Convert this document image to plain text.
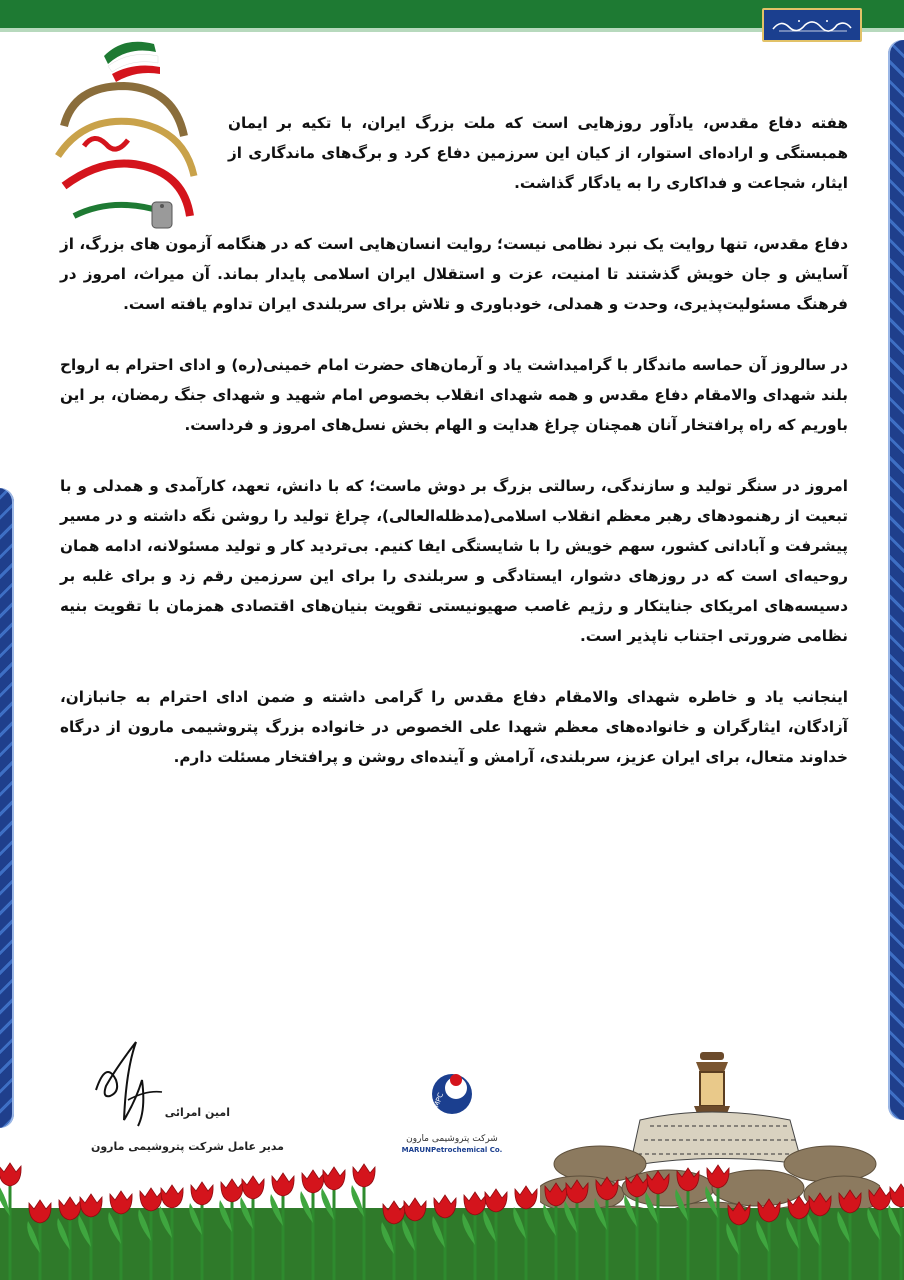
هفته دفاع مقدس، یادآور روزهایی است که ملت بزرگ ایران، با تکیه بر ایمان همبستگی و اراده‌ای استوار، از کیان این سرزمین دفاع کرد و برگ‌های ماندگاری از ایثار، شجاعت و فداکاری را به یادگار گذاشت.

دفاع مقدس، تنها روایت یک نبرد نظامی نیست؛ روایت انسان‌هایی است که در هنگامه آزمون های بزرگ، از آسایش و جان خویش گذشتند تا امنیت، عزت و استقلال ایران اسلامی پایدار بماند. آن میراث، امروز در فرهنگ مسئولیت‌پذیری، وحدت و همدلی، خودباوری و تلاش برای سربلندی ایران تداوم یافته است.

در سالروز آن حماسه ماندگار با گرامیداشت یاد و آرمان‌های حضرت امام خمینی(ره) و ادای احترام به ارواح بلند شهدای والامقام دفاع مقدس و همه شهدای انقلاب بخصوص امام شهید و شهدای جنگ رمضان، بر این باوریم که راه پرافتخار آنان همچنان چراغ هدایت و الهام بخش نسل‌های امروز و فرداست.

امروز در سنگر تولید و سازندگی، رسالتی بزرگ بر دوش ماست؛ که با دانش، تعهد، کارآمدی و همدلی و با تبعیت از رهنمودهای رهبر معظم انقلاب اسلامی(مدظله‌العالی)، چراغ تولید را روشن نگه داشته و در مسیر پیشرفت و آبادانی کشور، سهم خویش را با شایستگی ایفا کنیم. بی‌تردید کار و تولید مسئولانه، ادامه همان روحیه‌ای است که در روزهای دشوار، ایستادگی و سربلندی را برای این سرزمین رقم زد و برای غلبه بر دسیسه‌های امریکای جنایتکار و رژیم غاصب صهیونیستی تقویت بنیان‌های اقتصادی همزمان با تقویت بنیه نظامی ضرورتی اجتناب ناپذیر است.

اینجانب یاد و خاطره شهدای والامقام دفاع مقدس را گرامی داشته و ضمن ادای احترام به جانبازان، آزادگان، ایثارگران و خانواده‌های معظم شهدا علی الخصوص در خانواده بزرگ پتروشیمی مارون از درگاه خداوند متعال، برای ایران عزیز، سربلندی، آرامش و آینده‌ای روشن و پرافتخار مسئلت دارم.

امین امرائی
مدیر عامل شرکت پتروشیمی مارون
MPC
شرکت پتروشیمی مارون
MARUNPetrochemical Co.
